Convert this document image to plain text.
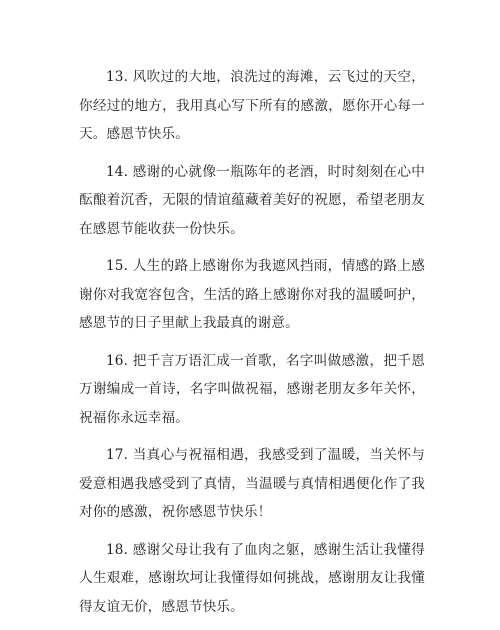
13. 风吹过的大地，浪洗过的海滩，云飞过的天空，你经过的地方，我用真心写下所有的感激，愿你开心每一天。感恩节快乐。

14. 感谢的心就像一瓶陈年的老酒，时时刻刻在心中酝酿着沉香，无限的情谊蕴藏着美好的祝愿，希望老朋友在感恩节能收获一份快乐。

15. 人生的路上感谢你为我遮风挡雨，情感的路上感谢你对我宽容包含，生活的路上感谢你对我的温暖呵护，感恩节的日子里献上我最真的谢意。

16. 把千言万语汇成一首歌，名字叫做感激，把千恩万谢编成一首诗，名字叫做祝福，感谢老朋友多年关怀，祝福你永远幸福。

17. 当真心与祝福相遇，我感受到了温暖，当关怀与爱意相遇我感受到了真情，当温暖与真情相遇便化作了我对你的感激，祝你感恩节快乐！

18. 感谢父母让我有了血肉之躯，感谢生活让我懂得人生艰难，感谢坎坷让我懂得如何挑战，感谢朋友让我懂得友谊无价，感恩节快乐。
